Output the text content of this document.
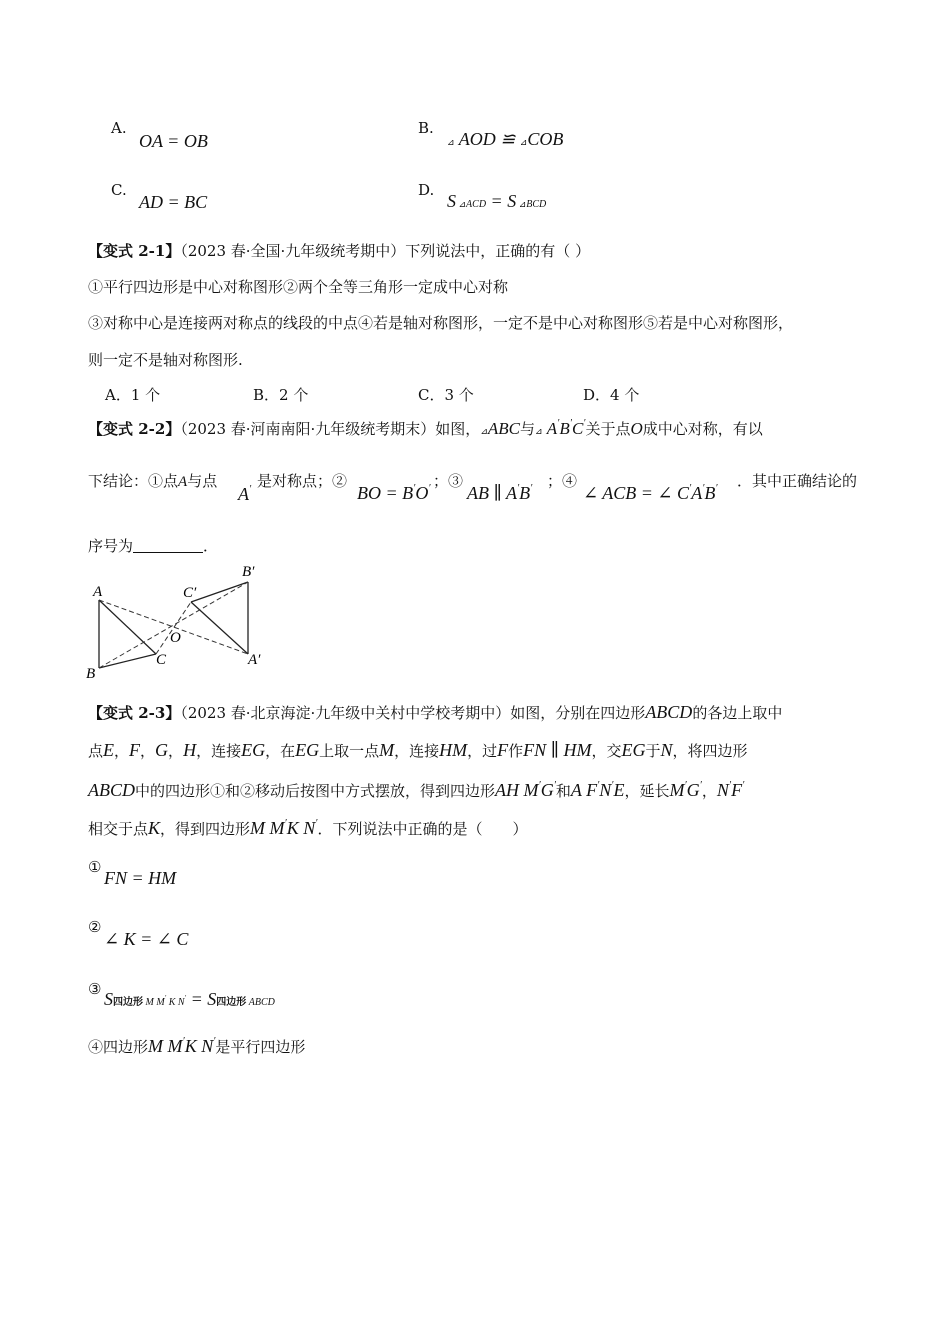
A.
OA = OB
B.
⊿ AOD ≌ ⊿COB
C.
AD = BC
D.
S ⊿ACD = S ⊿BCD
【变式 2-1】（2023 春·全国·九年级统考期中）下列说法中，正确的有（ ）
①平行四边形是中心对称图形②两个全等三角形一定成中心对称
③对称中心是连接两对称点的线段的中点④若是轴对称图形，一定不是中心对称图形⑤若是中心对称图形，
则一定不是轴对称图形.
A．1 个	B．2 个	C．3 个	D．4 个
【变式 2-2】（2023 春·河南南阳·九年级统考期末）如图，⊿ABC与⊿ A′B′C′关于点O成中心对称，有以
下结论：①点A与点
A′ 是对称点；②
BO = B′O′ ；③
AB ∥ A′B′ ；④
∠ ACB = ∠ C′A′B′ ．其中正确结论的
序号为	．
A
B
C
O
C′
B′
A′
【变式 2-3】（2023 春·北京海淀·九年级中关村中学校考期中）如图，分别在四边形ABCD的各边上取中
点E，F，G，H，连接EG，在EG上取一点M，连接HM，过F作FN ∥ HM，交EG于N，将四边形
ABCD中的四边形①和②移动后按图中方式摆放，得到四边形AH M′G′和A F′N′E，延长M′G′，N′F′
相交于点K，得到四边形M M′K N′．下列说法中正确的是（　　）
①
FN = HM
②
∠ K = ∠ C
③ S四边形 M M′ K N′ = S四边形 ABCD
④四边形M M′K N′是平行四边形
